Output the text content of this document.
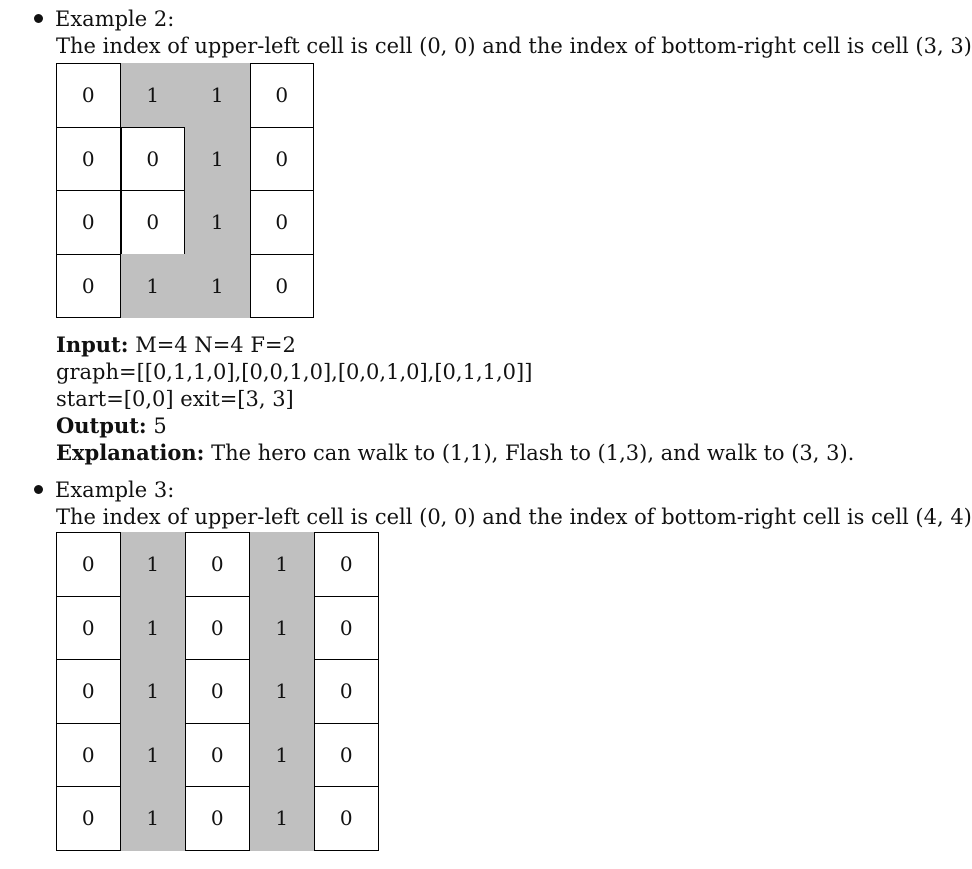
Example 2:
The index of upper-left cell is cell (0, 0) and the index of bottom-right cell is cell (3, 3)
0	1	1	0
0	0	1	0
0	0	1	0
0	1	1	0
Input: M=4 N=4 F=2
graph=[[0,1,1,0],[0,0,1,0],[0,0,1,0],[0,1,1,0]]
start=[0,0] exit=[3, 3]
Output: 5
Explanation: The hero can walk to (1,1), Flash to (1,3), and walk to (3, 3).
Example 3:
The index of upper-left cell is cell (0, 0) and the index of bottom-right cell is cell (4, 4)
0	1	0	1	0
0	1	0	1	0
0	1	0	1	0
0	1	0	1	0
0	1	0	1	0
